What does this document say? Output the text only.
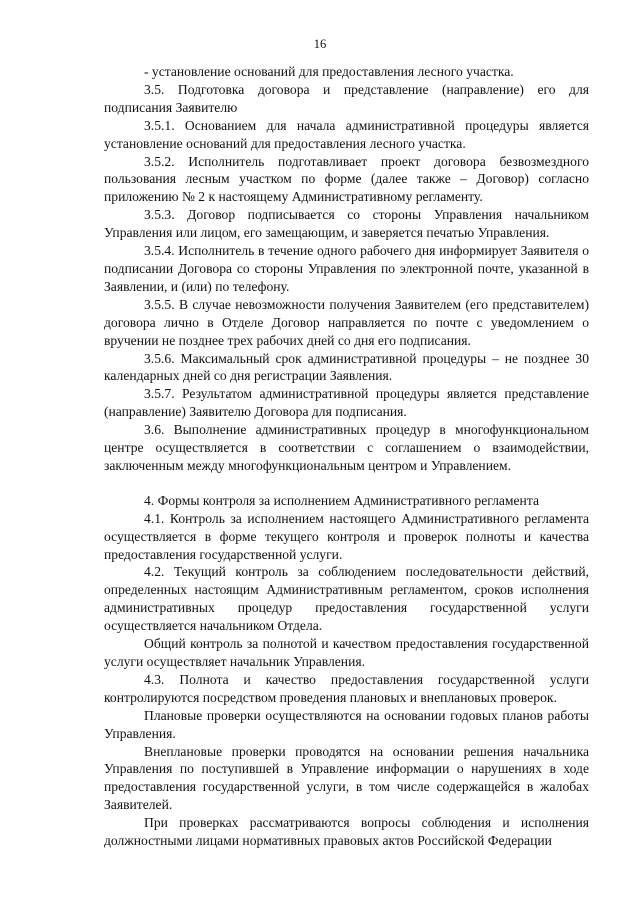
16

- установление оснований для предоставления лесного участка.

3.5. Подготовка договора и представление (направление) его для подписания Заявителю

3.5.1. Основанием для начала административной процедуры является установление оснований для предоставления лесного участка.

3.5.2. Исполнитель подготавливает проект договора безвозмездного пользования лесным участком по форме (далее также – Договор) согласно приложению № 2 к настоящему Административному регламенту.

3.5.3. Договор подписывается со стороны Управления начальником Управления или лицом, его замещающим, и заверяется печатью Управления.

3.5.4. Исполнитель в течение одного рабочего дня информирует Заявителя о подписании Договора со стороны Управления по электронной почте, указанной в Заявлении, и (или) по телефону.

3.5.5. В случае невозможности получения Заявителем (его представителем) договора лично в Отделе Договор направляется по почте с уведомлением о вручении не позднее трех рабочих дней со дня его подписания.

3.5.6. Максимальный срок административной процедуры – не позднее 30 календарных дней со дня регистрации Заявления.

3.5.7. Результатом административной процедуры является представление (направление) Заявителю Договора для подписания.

3.6. Выполнение административных процедур в многофункциональном центре осуществляется в соответствии с соглашением о взаимодействии, заключенным между многофункциональным центром и Управлением.

4. Формы контроля за исполнением Административного регламента

4.1. Контроль за исполнением настоящего Административного регламента осуществляется в форме текущего контроля и проверок полноты и качества предоставления государственной услуги.

4.2. Текущий контроль за соблюдением последовательности действий, определенных настоящим Административным регламентом, сроков исполнения административных процедур предоставления государственной услуги осуществляется начальником Отдела.

Общий контроль за полнотой и качеством предоставления государственной услуги осуществляет начальник Управления.

4.3. Полнота и качество предоставления государственной услуги контролируются посредством проведения плановых и внеплановых проверок.

Плановые проверки осуществляются на основании годовых планов работы Управления.

Внеплановые проверки проводятся на основании решения начальника Управления по поступившей в Управление информации о нарушениях в ходе предоставления государственной услуги, в том числе содержащейся в жалобах Заявителей.

При проверках рассматриваются вопросы соблюдения и исполнения должностными лицами нормативных правовых актов Российской Федерации
